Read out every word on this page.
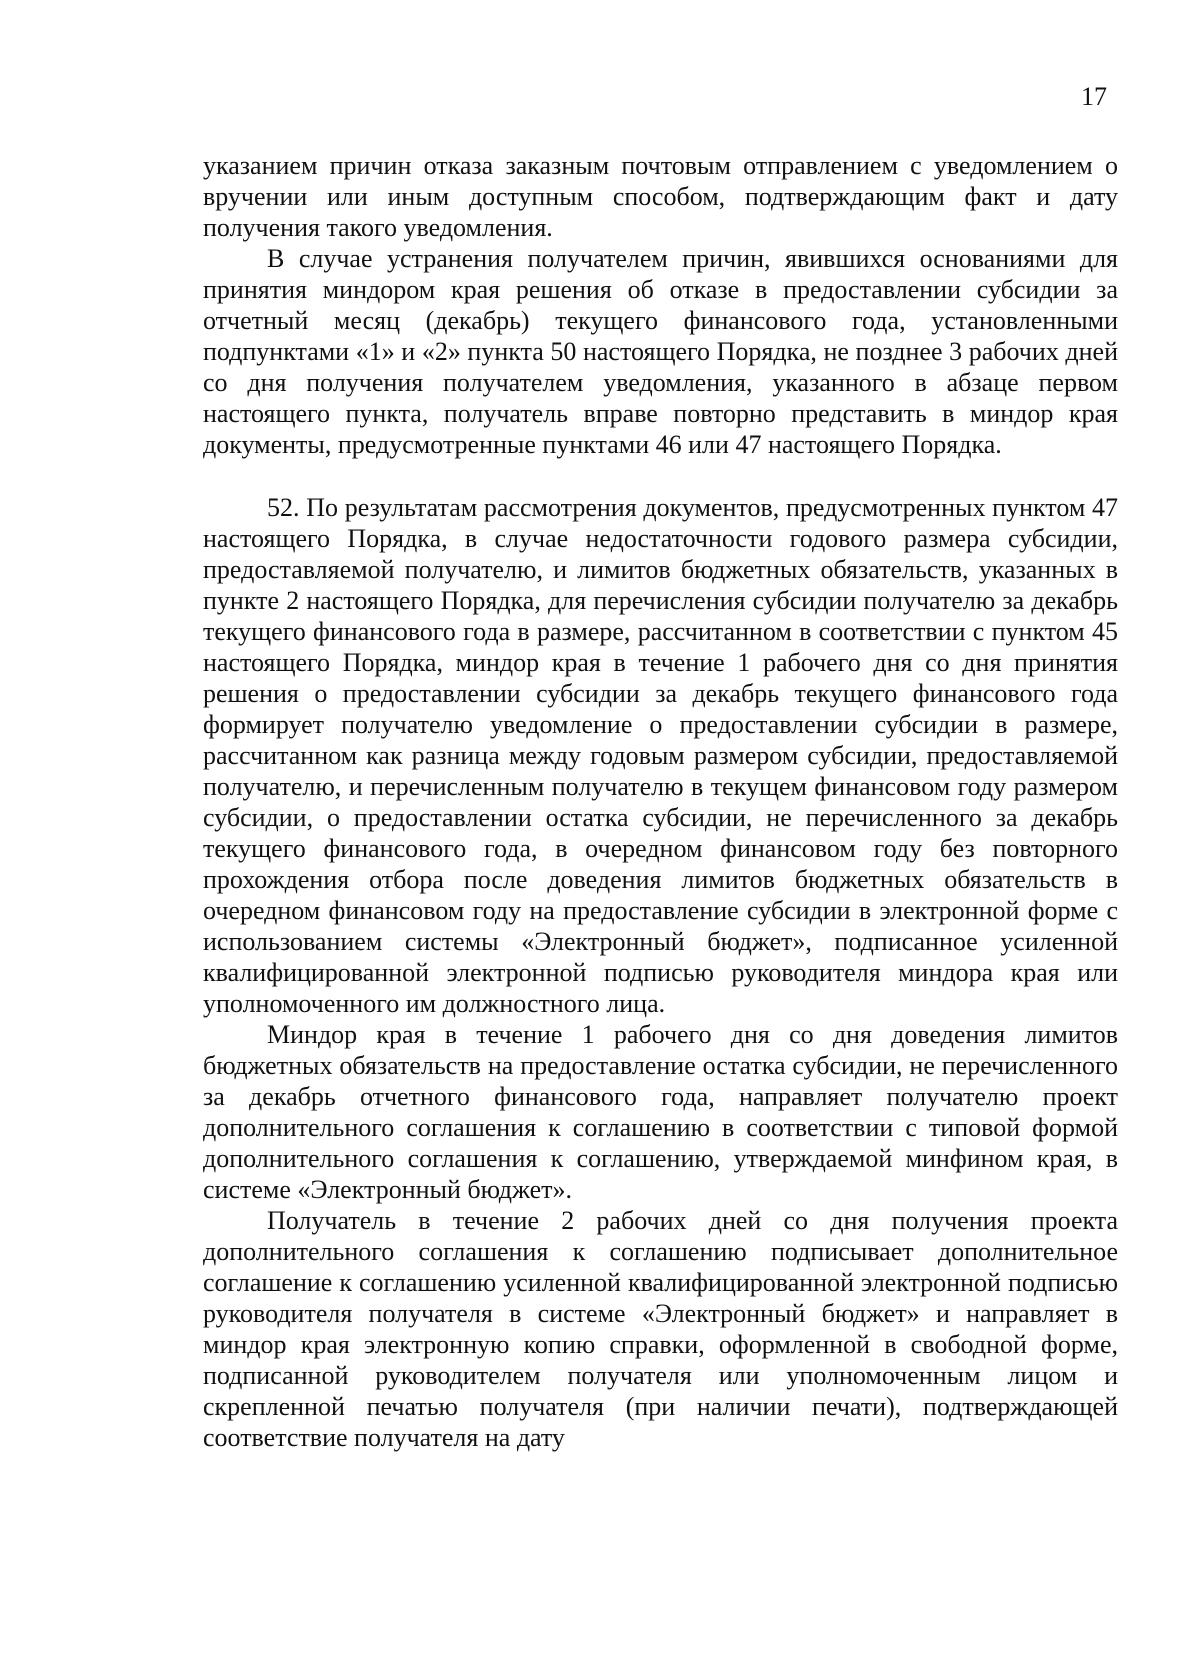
17

указанием причин отказа заказным почтовым отправлением с уведомлением о вручении или иным доступным способом, подтверждающим факт и дату получения такого уведомления.

В случае устранения получателем причин, явившихся основаниями для принятия миндором края решения об отказе в предоставлении субсидии за отчетный месяц (декабрь) текущего финансового года, установленными подпунктами «1» и «2» пункта 50 настоящего Порядка, не позднее 3 рабочих дней со дня получения получателем уведомления, указанного в абзаце первом настоящего пункта, получатель вправе повторно представить в миндор края документы, предусмотренные пунктами 46 или 47 настоящего Порядка.

52. По результатам рассмотрения документов, предусмотренных пунктом 47 настоящего Порядка, в случае недостаточности годового размера субсидии, предоставляемой получателю, и лимитов бюджетных обязательств, указанных в пункте 2 настоящего Порядка, для перечисления субсидии получателю за декабрь текущего финансового года в размере, рассчитанном в соответствии с пунктом 45 настоящего Порядка, миндор края в течение 1 рабочего дня со дня принятия решения о предоставлении субсидии за декабрь текущего финансового года формирует получателю уведомление о предоставлении субсидии в размере, рассчитанном как разница между годовым размером субсидии, предоставляемой получателю, и перечисленным получателю в текущем финансовом году размером субсидии, о предоставлении остатка субсидии, не перечисленного за декабрь текущего финансового года, в очередном финансовом году без повторного прохождения отбора после доведения лимитов бюджетных обязательств в очередном финансовом году на предоставление субсидии в электронной форме с использованием системы «Электронный бюджет», подписанное усиленной квалифицированной электронной подписью руководителя миндора края или уполномоченного им должностного лица.

Миндор края в течение 1 рабочего дня со дня доведения лимитов бюджетных обязательств на предоставление остатка субсидии, не перечисленного за декабрь отчетного финансового года, направляет получателю проект дополнительного соглашения к соглашению в соответствии с типовой формой дополнительного соглашения к соглашению, утверждаемой минфином края, в системе «Электронный бюджет».

Получатель в течение 2 рабочих дней со дня получения проекта дополнительного соглашения к соглашению подписывает дополнительное соглашение к соглашению усиленной квалифицированной электронной подписью руководителя получателя в системе «Электронный бюджет» и направляет в миндор края электронную копию справки, оформленной в свободной форме, подписанной руководителем получателя или уполномоченным лицом и скрепленной печатью получателя (при наличии печати), подтверждающей соответствие получателя на дату
